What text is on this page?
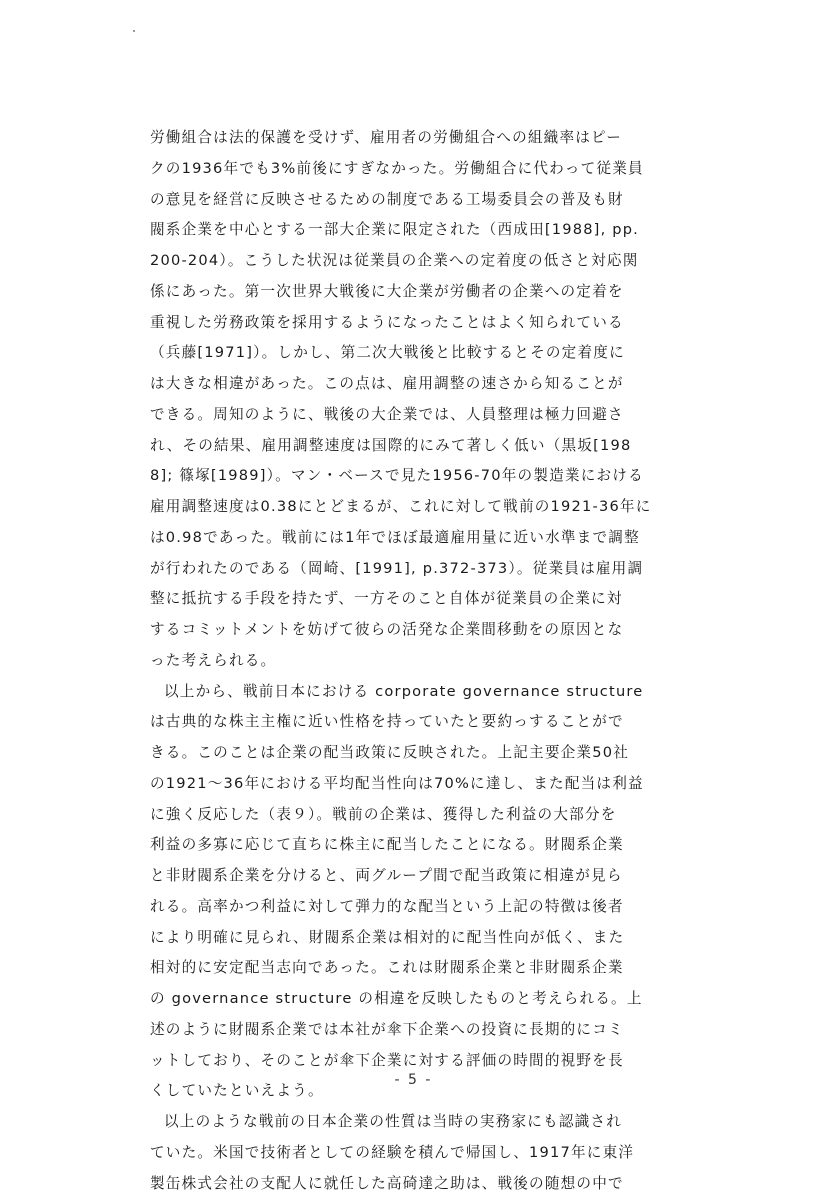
労働組合は法的保護を受けず、雇用者の労働組合への組織率はピー
クの1936年でも3%前後にすぎなかった。労働組合に代わって従業員
の意見を経営に反映させるための制度である工場委員会の普及も財
閥系企業を中心とする一部大企業に限定された（西成田[1988], pp.
200-204）。こうした状況は従業員の企業への定着度の低さと対応関
係にあった。第一次世界大戦後に大企業が労働者の企業への定着を
重視した労務政策を採用するようになったことはよく知られている
（兵藤[1971]）。しかし、第二次大戦後と比較するとその定着度に
は大きな相違があった。この点は、雇用調整の速さから知ることが
できる。周知のように、戦後の大企業では、人員整理は極力回避さ
れ、その結果、雇用調整速度は国際的にみて著しく低い（黒坂[198
8]; 篠塚[1989]）。マン・ベースで見た1956-70年の製造業における
雇用調整速度は0.38にとどまるが、これに対して戦前の1921-36年に
は0.98であった。戦前には1年でほぼ最適雇用量に近い水準まで調整
が行われたのである（岡崎、[1991], p.372-373）。従業員は雇用調
整に抵抗する手段を持たず、一方そのこと自体が従業員の企業に対
するコミットメントを妨げて彼らの活発な企業間移動をの原因とな
った考えられる。
以上から、戦前日本における corporate governance structure
は古典的な株主主権に近い性格を持っていたと要約っすることがで
きる。このことは企業の配当政策に反映された。上記主要企業50社
の1921〜36年における平均配当性向は70%に達し、また配当は利益
に強く反応した（表９）。戦前の企業は、獲得した利益の大部分を
利益の多寡に応じて直ちに株主に配当したことになる。財閥系企業
と非財閥系企業を分けると、両グループ間で配当政策に相違が見ら
れる。高率かつ利益に対して弾力的な配当という上記の特徴は後者
により明確に見られ、財閥系企業は相対的に配当性向が低く、また
相対的に安定配当志向であった。これは財閥系企業と非財閥系企業
の governance structure の相違を反映したものと考えられる。上
述のように財閥系企業では本社が傘下企業への投資に長期的にコミ
ットしており、そのことが傘下企業に対する評価の時間的視野を長
くしていたといえよう。
以上のような戦前の日本企業の性質は当時の実務家にも認識され
ていた。米国で技術者としての経験を積んで帰国し、1917年に東洋
製缶株式会社の支配人に就任した高碕達之助は、戦後の随想の中で
- 5 -
